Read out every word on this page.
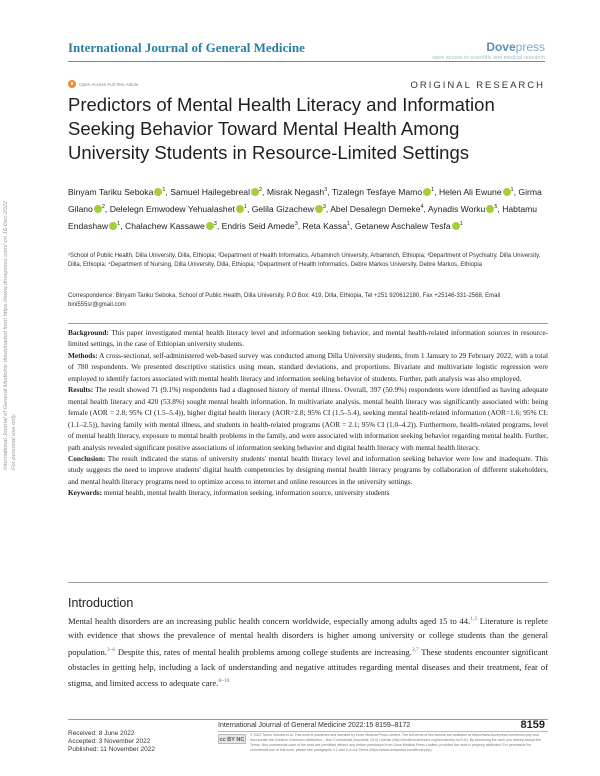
International Journal of General Medicine	Dovepress
open access to scientific and medical research
Open Access Full Text Article	ORIGINAL RESEARCH
Predictors of Mental Health Literacy and Information Seeking Behavior Toward Mental Health Among University Students in Resource-Limited Settings
Binyam Tariku Seboka $^1$, Samuel Hailegebreal $^2$, Misrak Negash$^3$, Tizalegn Tesfaye Mamo $^1$, Helen Ali Ewune $^1$, Girma Gilano $^2$, Delelegn Emwodew Yehualashet $^1$, Gelila Gizachew $^3$, Abel Desalegn Demeke$^4$, Aynadis Worku $^5$, Habtamu Endashaw $^1$, Chalachew Kassawe $^3$, Endris Seid Amede$^3$, Reta Kassa$^1$, Getanew Aschalew Tesfa $^1$
¹School of Public Health, Dilla University, Dilla, Ethiopia; ²Department of Health Informatics, Arbaminch University, Arbaminch, Ethiopia; ³Department of Psychiatry, Dilla University, Dilla, Ethiopia; ⁴Department of Nursing, Dilla University, Dilla, Ethiopia; ⁵Department of Health Informatics, Debre Markos University, Debre Markos, Ethiopia
Correspondence: Binyam Tariku Seboka, School of Public Health, Dilla University, P.O Box: 419, Dilla, Ethiopia, Tel +251 920612180, Fax +25146-331-2568, Email bini555sr@gmail.com

Background: This paper investigated mental health literacy level and information seeking behavior, and mental health-related information sources in resource-limited settings, in the case of Ethiopian university students.

Methods: A cross-sectional, self-administered web-based survey was conducted among Dilla University students, from 1 January to 29 February 2022, with a total of 780 respondents. We presented descriptive statistics using mean, standard deviations, and proportions. Bivariate and multivariate logistic regression were employed to identify factors associated with mental health literacy and information seeking behavior of students. Further, path analysis was also employed.

Results: The result showed 71 (9.1%) respondents had a diagnosed history of mental illness. Overall, 397 (50.9%) respondents were identified as having adequate mental health literacy and 420 (53.8%) sought mental health information. In multivariate analysis, mental health literacy was significantly associated with: being female (AOR = 2.8; 95% CI (1.5–5.4)), higher digital health literacy (AOR=2.8; 95% CI (1.5–5.4), seeking mental health-related information (AOR=1.6; 95% CI: (1.1–2.5)), having family with mental illness, and students in health-related programs (AOR = 2.1; 95% CI (1.0–4.2)). Furthermore, health-related programs, level of mental health literacy, exposure to mental health problems in the family, and were associated with information seeking behavior regarding mental health. Further, path analysis revealed significant positive associations of information seeking behavior and digital health literacy with mental health literacy.

Conclusion: The result indicated the status of university students' mental health literacy level and information seeking behavior were low and inadequate. This study suggests the need to improve students' digital health competencies by designing mental health literacy programs by collaboration of different stakeholders, and mental health literacy programs need to optimize access to internet and online resources in the university settings.

Keywords: mental health, mental health literacy, information seeking, information source, university students

Introduction
Mental health disorders are an increasing public health concern worldwide, especially among adults aged 15 to 44.$^{1,2}$ Literature is replete with evidence that shows the prevalence of mental health disorders is higher among university or college students than the general population.$^{3-6}$ Despite this, rates of mental health problems among college students are increasing.$^{3,7}$ These students encounter significant obstacles in getting help, including a lack of understanding and negative attitudes regarding mental diseases and their treatment, fear of stigma, and limited access to adequate care.$^{8-10}$
International Journal of General Medicine downloaded from https://www.dovepress.com/ on 16-Dec-2022 For personal use only.
International Journal of General Medicine 2022:15 8159–8172	8159
Received: 8 June 2022
Accepted: 3 November 2022
Published: 11 November 2022
cc BY NC
© 2022 Tariku Seboka et al. This work is published and licensed by Dove Medical Press Limited. The full terms of this license are available at https://www.dovepress.com/terms.php and incorporate the Creative Commons Attribution – Non Commercial (unported, v3.0) License (http://creativecommons.org/licenses/by-nc/3.0/). By accessing the work you hereby accept the Terms. Non-commercial uses of the work are permitted without any further permission from Dove Medical Press Limited, provided the work is properly attributed. For permission for commercial use of this work, please see paragraphs 4.2 and 5 of our Terms (https://www.dovepress.com/terms.php).
